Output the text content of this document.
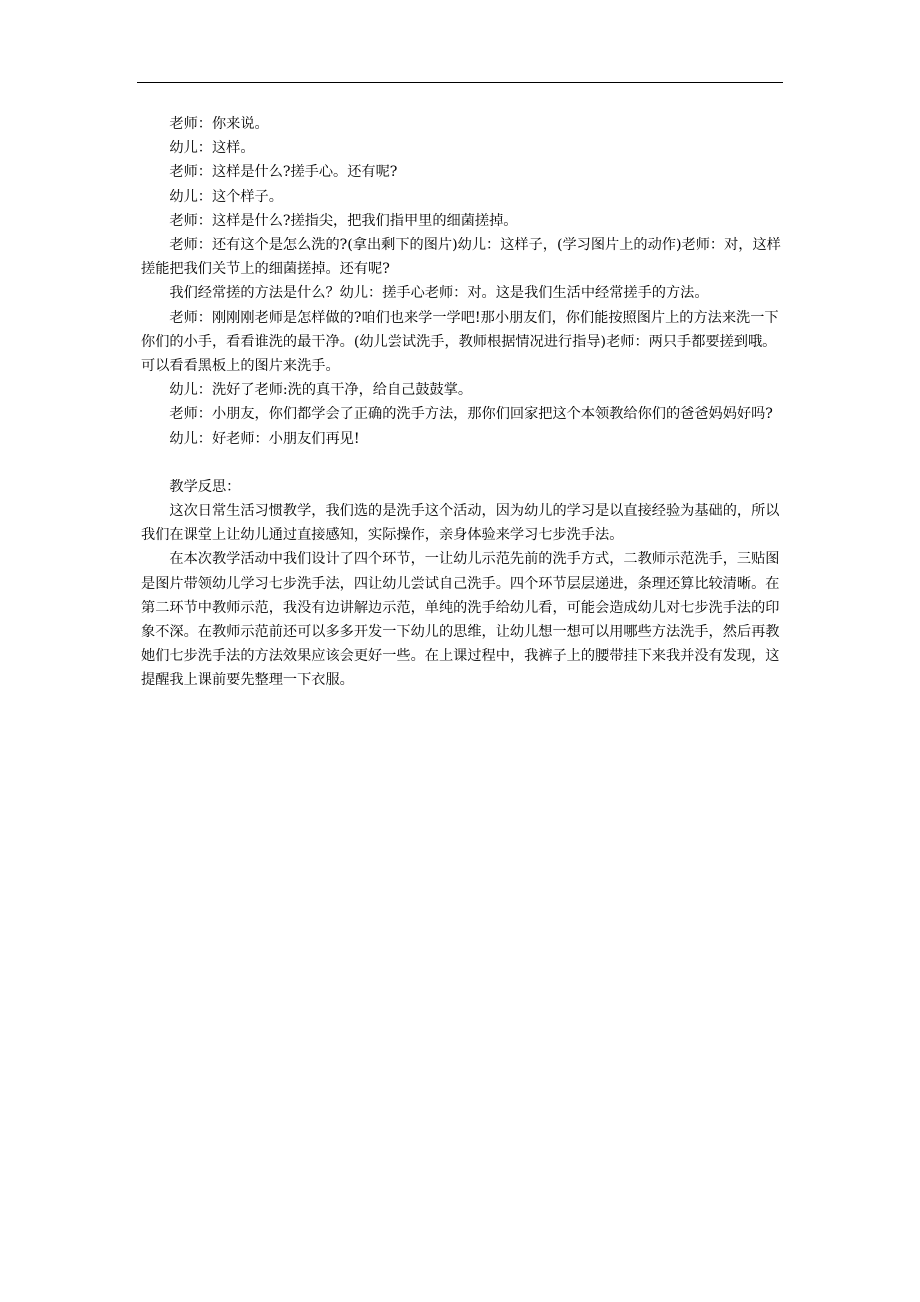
老师：你来说。

幼儿：这样。

老师：这样是什么?搓手心。还有呢?

幼儿：这个样子。

老师：这样是什么?搓指尖，把我们指甲里的细菌搓掉。

老师：还有这个是怎么洗的?(拿出剩下的图片)幼儿：这样子，(学习图片上的动作)老师：对，这样搓能把我们关节上的细菌搓掉。还有呢?

我们经常搓的方法是什么？幼儿：搓手心老师：对。这是我们生活中经常搓手的方法。

老师：刚刚刚老师是怎样做的?咱们也来学一学吧!那小朋友们，你们能按照图片上的方法来洗一下你们的小手，看看谁洗的最干净。(幼儿尝试洗手，教师根据情况进行指导)老师：两只手都要搓到哦。可以看看黑板上的图片来洗手。

幼儿：洗好了老师:洗的真干净，给自己鼓鼓掌。

老师：小朋友，你们都学会了正确的洗手方法，那你们回家把这个本领教给你们的爸爸妈妈好吗?

幼儿：好老师：小朋友们再见!

教学反思：

这次日常生活习惯教学，我们选的是洗手这个活动，因为幼儿的学习是以直接经验为基础的，所以我们在课堂上让幼儿通过直接感知，实际操作，亲身体验来学习七步洗手法。

在本次教学活动中我们设计了四个环节，一让幼儿示范先前的洗手方式，二教师示范洗手，三贴图是图片带领幼儿学习七步洗手法，四让幼儿尝试自己洗手。四个环节层层递进，条理还算比较清晰。在第二环节中教师示范，我没有边讲解边示范，单纯的洗手给幼儿看，可能会造成幼儿对七步洗手法的印象不深。在教师示范前还可以多多开发一下幼儿的思维，让幼儿想一想可以用哪些方法洗手，然后再教她们七步洗手法的方法效果应该会更好一些。在上课过程中，我裤子上的腰带挂下来我并没有发现，这提醒我上课前要先整理一下衣服。
